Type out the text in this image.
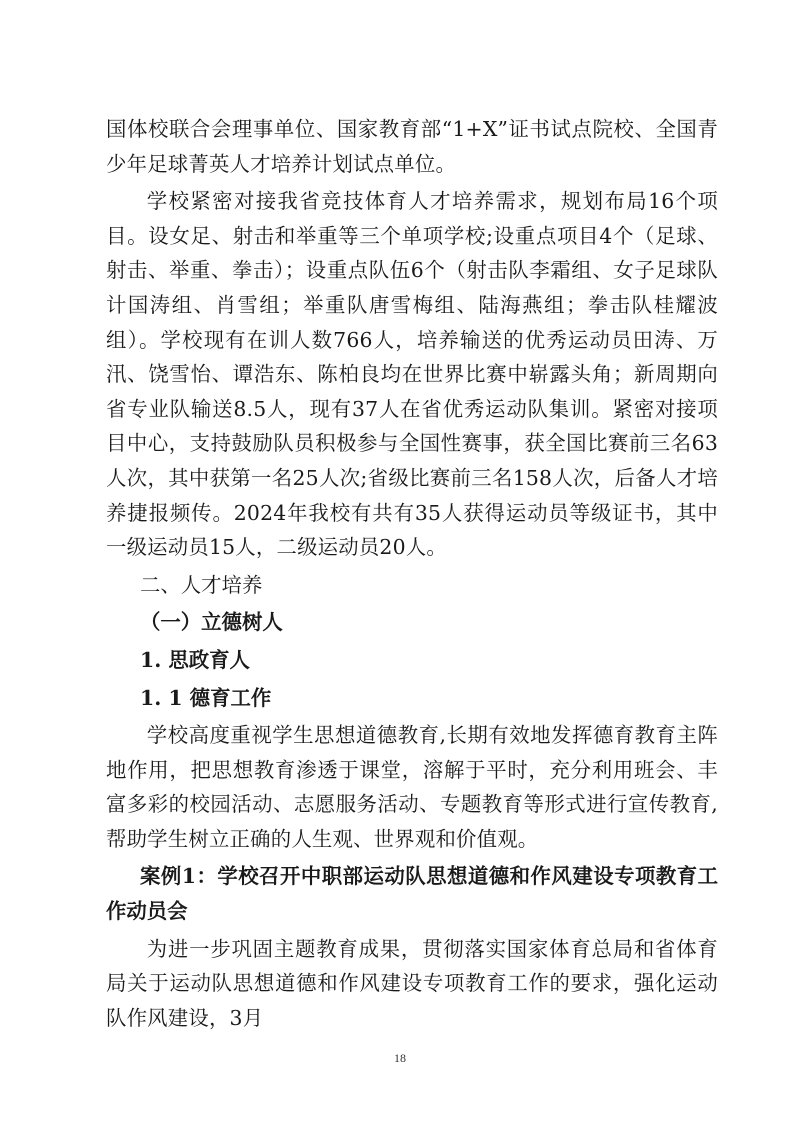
国体校联合会理事单位、国家教育部“1+X”证书试点院校、全国青少年足球菁英人才培养计划试点单位。

学校紧密对接我省竞技体育人才培养需求，规划布局16个项目。设女足、射击和举重等三个单项学校;设重点项目4个（足球、射击、举重、拳击）；设重点队伍6个（射击队李霜组、女子足球队计国涛组、肖雪组；举重队唐雪梅组、陆海燕组；拳击队桂耀波组）。学校现有在训人数766人，培养输送的优秀运动员田涛、万汛、饶雪怡、谭浩东、陈柏良均在世界比赛中崭露头角；新周期向省专业队输送8.5人，现有37人在省优秀运动队集训。紧密对接项目中心，支持鼓励队员积极参与全国性赛事，获全国比赛前三名63人次，其中获第一名25人次;省级比赛前三名158人次，后备人才培养捷报频传。2024年我校有共有35人获得运动员等级证书，其中一级运动员15人，二级运动员20人。

二、人才培养
（一）立德树人
1. 思政育人
1. 1 德育工作

学校高度重视学生思想道德教育,长期有效地发挥德育教育主阵地作用，把思想教育渗透于课堂，溶解于平时，充分利用班会、丰富多彩的校园活动、志愿服务活动、专题教育等形式进行宣传教育,帮助学生树立正确的人生观、世界观和价值观。

案例1：学校召开中职部运动队思想道德和作风建设专项教育工作动员会

为进一步巩固主题教育成果，贯彻落实国家体育总局和省体育局关于运动队思想道德和作风建设专项教育工作的要求，强化运动队作风建设，3月

18
